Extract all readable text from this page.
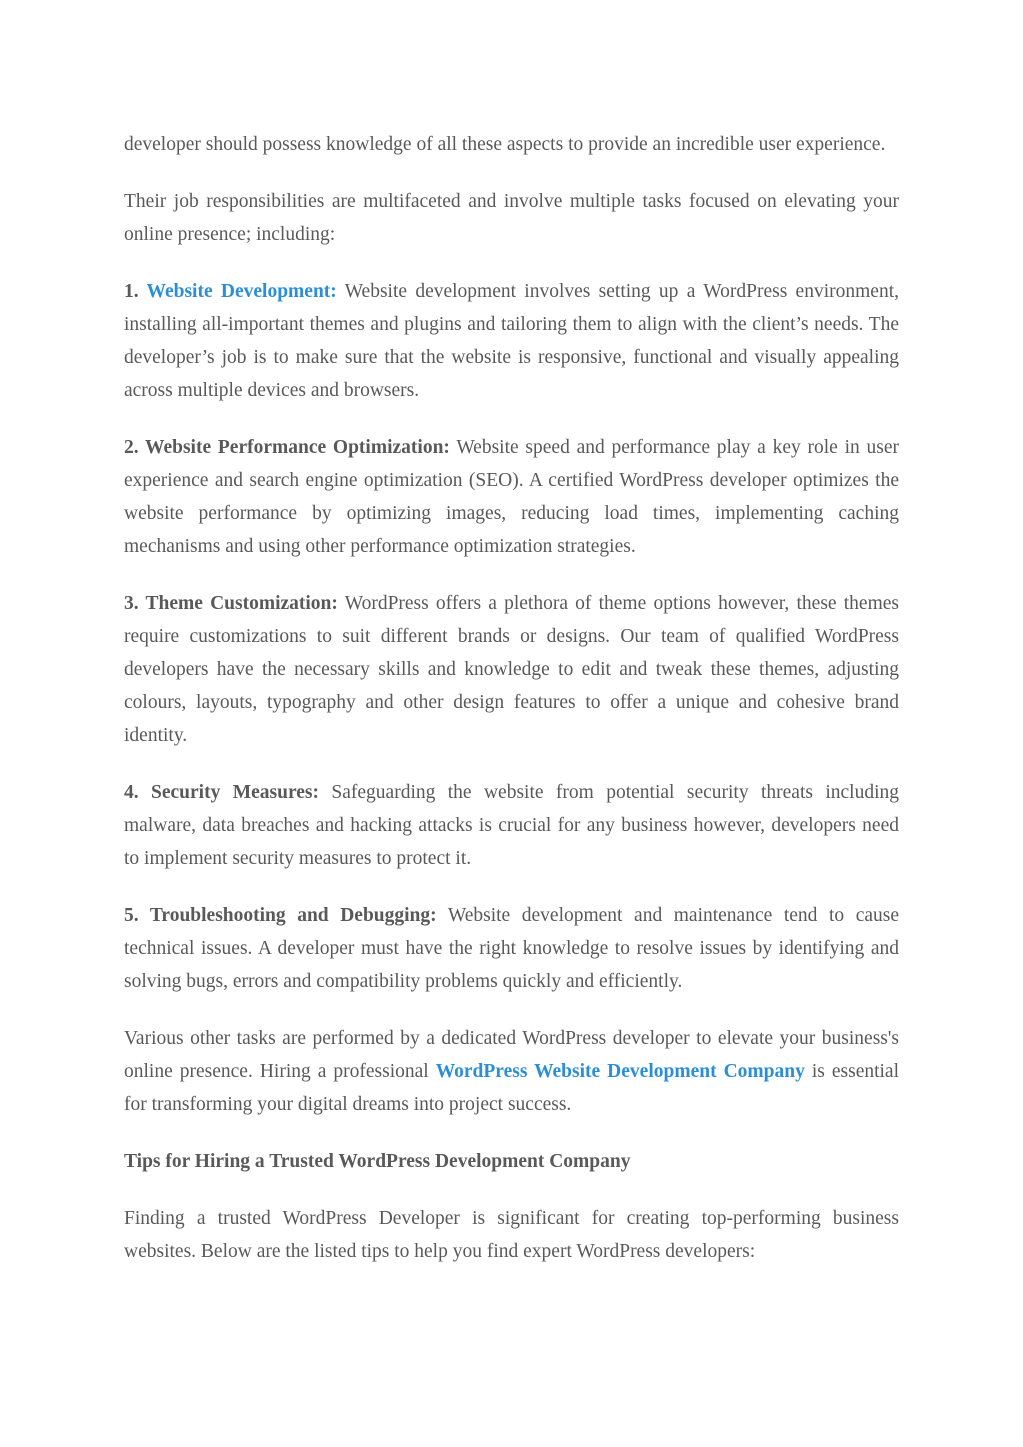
developer should possess knowledge of all these aspects to provide an incredible user experience.

Their job responsibilities are multifaceted and involve multiple tasks focused on elevating your online presence; including:

1. Website Development: Website development involves setting up a WordPress environment, installing all-important themes and plugins and tailoring them to align with the client’s needs. The developer’s job is to make sure that the website is responsive, functional and visually appealing across multiple devices and browsers.

2. Website Performance Optimization: Website speed and performance play a key role in user experience and search engine optimization (SEO). A certified WordPress developer optimizes the website performance by optimizing images, reducing load times, implementing caching mechanisms and using other performance optimization strategies.

3. Theme Customization: WordPress offers a plethora of theme options however, these themes require customizations to suit different brands or designs. Our team of qualified WordPress developers have the necessary skills and knowledge to edit and tweak these themes, adjusting colours, layouts, typography and other design features to offer a unique and cohesive brand identity.

4. Security Measures: Safeguarding the website from potential security threats including malware, data breaches and hacking attacks is crucial for any business however, developers need to implement security measures to protect it.

5. Troubleshooting and Debugging: Website development and maintenance tend to cause technical issues. A developer must have the right knowledge to resolve issues by identifying and solving bugs, errors and compatibility problems quickly and efficiently.

Various other tasks are performed by a dedicated WordPress developer to elevate your business's online presence. Hiring a professional WordPress Website Development Company is essential for transforming your digital dreams into project success.

Tips for Hiring a Trusted WordPress Development Company

Finding a trusted WordPress Developer is significant for creating top-performing business websites. Below are the listed tips to help you find expert WordPress developers:
